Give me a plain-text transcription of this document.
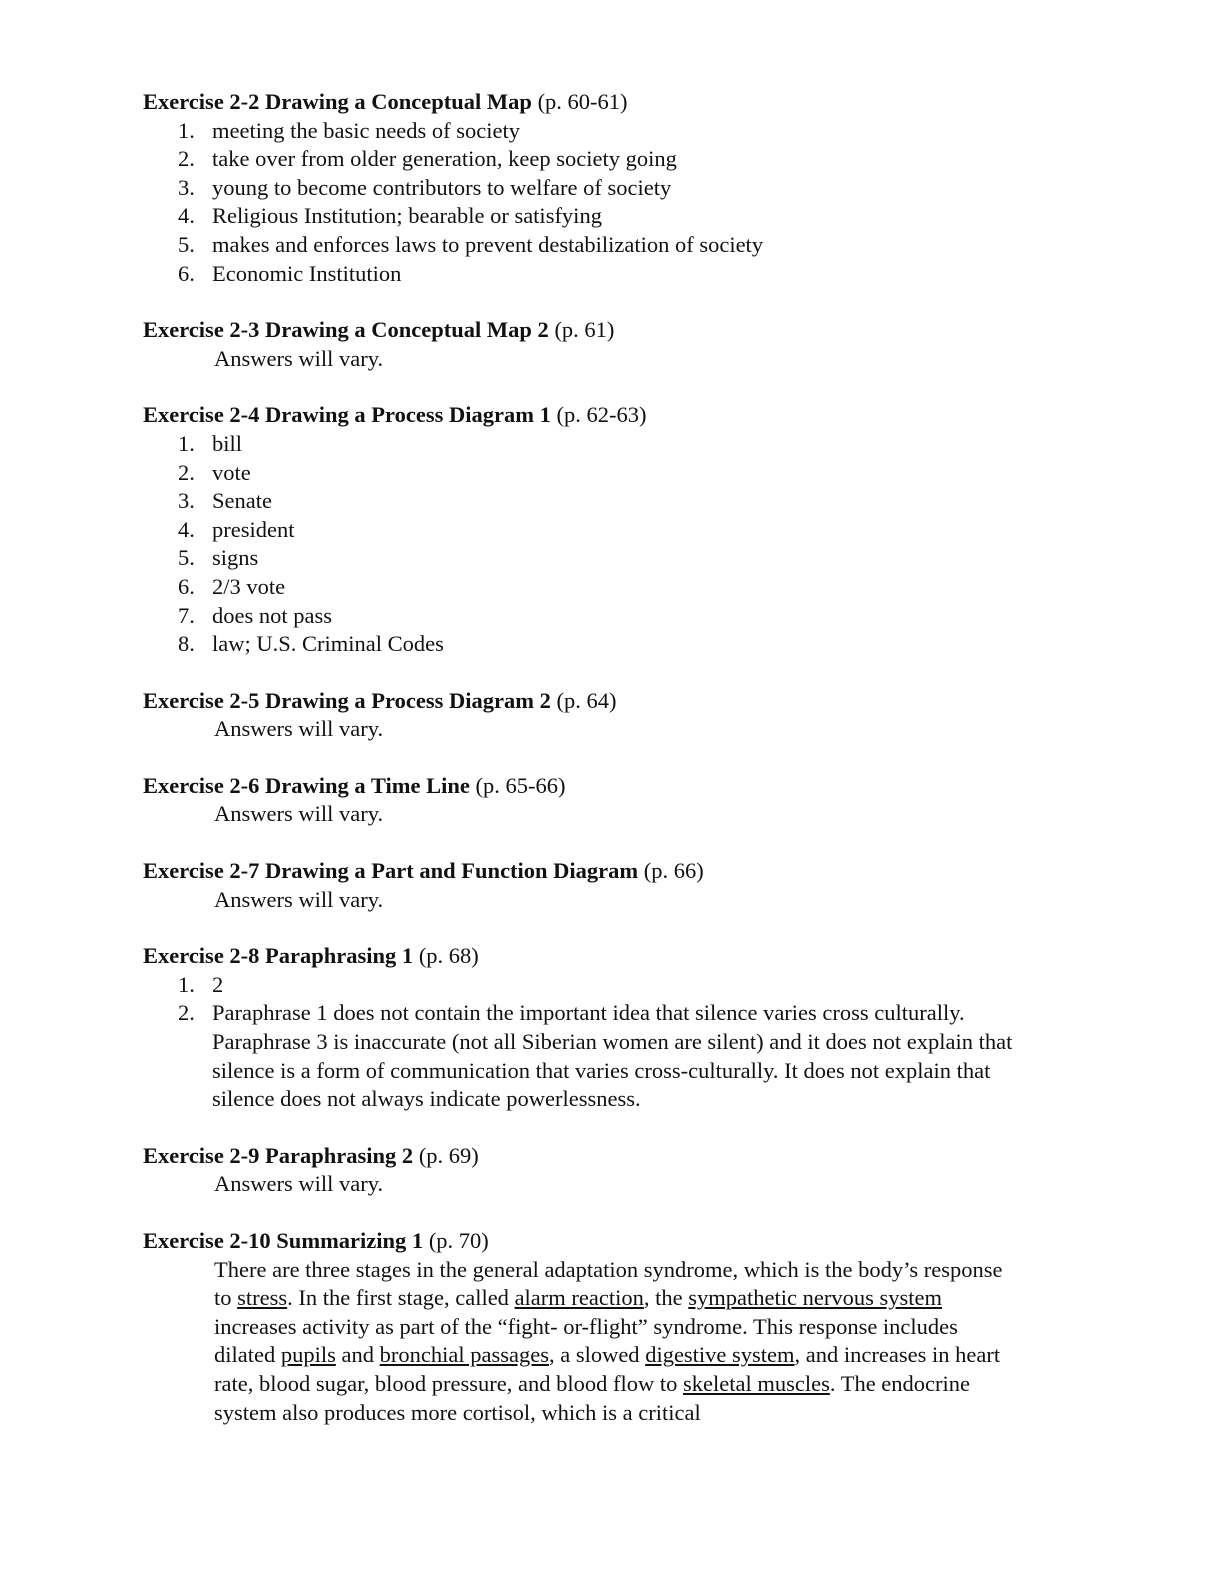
Exercise 2-2 Drawing a Conceptual Map (p. 60-61)

1. meeting the basic needs of society
2. take over from older generation, keep society going
3. young to become contributors to welfare of society
4. Religious Institution; bearable or satisfying
5. makes and enforces laws to prevent destabilization of society
6. Economic Institution

Exercise 2-3 Drawing a Conceptual Map 2 (p. 61)

Answers will vary.

Exercise 2-4 Drawing a Process Diagram 1 (p. 62-63)

1. bill
2. vote
3. Senate
4. president
5. signs
6. 2/3 vote
7. does not pass
8. law; U.S. Criminal Codes

Exercise 2-5 Drawing a Process Diagram 2 (p. 64)

Answers will vary.

Exercise 2-6 Drawing a Time Line (p. 65-66)

Answers will vary.

Exercise 2-7 Drawing a Part and Function Diagram (p. 66)

Answers will vary.

Exercise 2-8 Paraphrasing 1 (p. 68)

1. 2
2. Paraphrase 1 does not contain the important idea that silence varies cross culturally. Paraphrase 3 is inaccurate (not all Siberian women are silent) and it does not explain that silence is a form of communication that varies cross-culturally. It does not explain that silence does not always indicate powerlessness.

Exercise 2-9 Paraphrasing 2 (p. 69)

Answers will vary.

Exercise 2-10 Summarizing 1 (p. 70)

There are three stages in the general adaptation syndrome, which is the body’s response to stress. In the first stage, called alarm reaction, the sympathetic nervous system increases activity as part of the “fight- or-flight” syndrome. This response includes dilated pupils and bronchial passages, a slowed digestive system, and increases in heart rate, blood sugar, blood pressure, and blood flow to skeletal muscles. The endocrine system also produces more cortisol, which is a critical
